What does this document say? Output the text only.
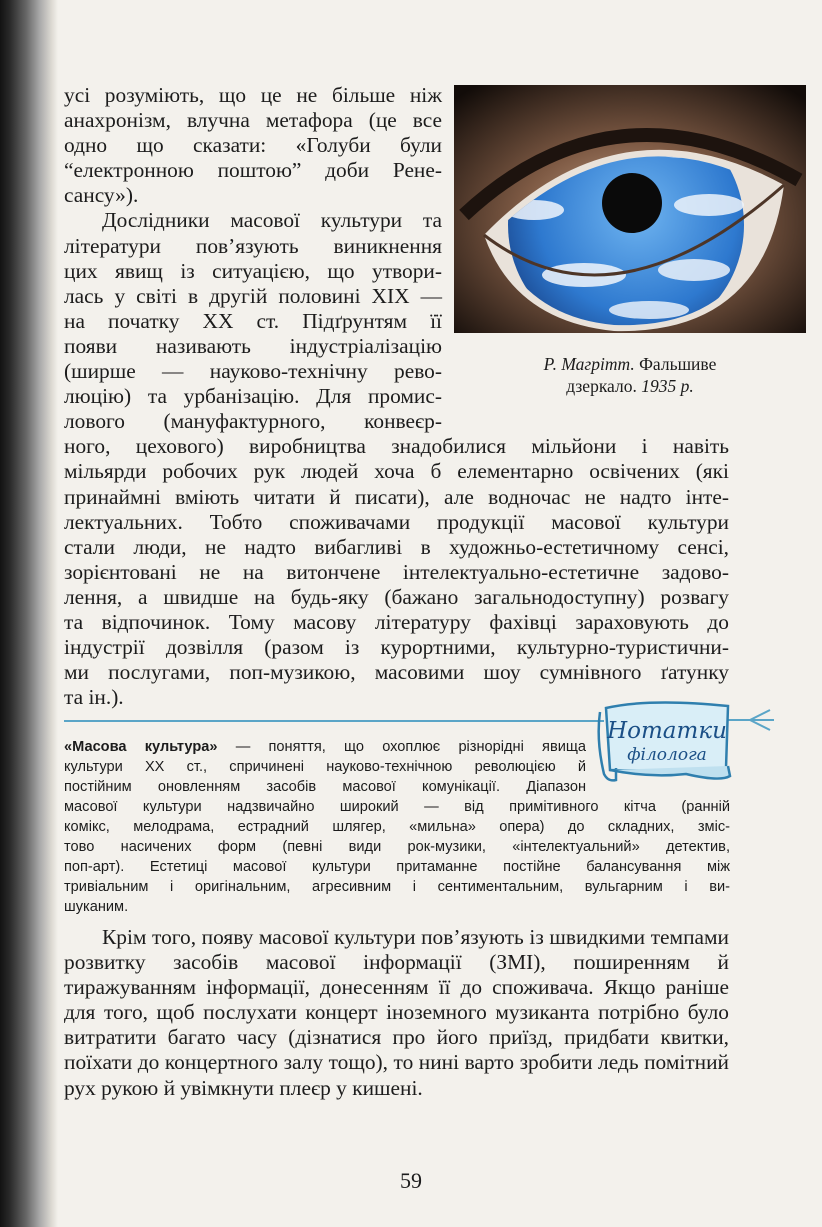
усі розуміють, що це не більше ніж
анахронізм, влучна метафора (це все
одно що сказати: «Голуби були
“електронною поштою” доби Ренe-
сансу»).
Дослідники масової культури та
літератури пов’язують виникнення
цих явищ із ситуацією, що утвори-
лась у світі в другій половині XIX —
на початку XX ст. Підґрунтям її
появи називають індустріалізацію
(ширше — науково-технічну рево-
люцію) та урбанізацію. Для промис-
лового (мануфактурного, конвеєр-
ного, цехового) виробництва знадобилися мільйони і навіть
мільярди робочих рук людей хоча б елементарно освічених (які
принаймні вміють читати й писати), але водночас не надто інте-
лектуальних. Тобто споживачами продукції масової культури
стали люди, не надто вибагливі в художньо-естетичному сенсі,
зорієнтовані не на витончене інтелектуально-естетичне задово-
лення, а швидше на будь-яку (бажано загальнодоступну) розвагу
та відпочинок. Тому масову літературу фахівці зараховують до
індустрії дозвілля (разом із курортними, культурно-туристични-
ми послугами, поп-музикою, масовими шоу сумнівного ґатунку
та ін.).
Р. Магрітт. Фальшиве
дзеркало. 1935 р.
Нотатки
філолога
«Масова культура» — поняття, що охоплює різнорідні явища
культури XX ст., спричинені науково-технічною революцією й
постійним оновленням засобів масової комунікації. Діапазон
масової культури надзвичайно широкий — від примітивного кітча (ранній
комікс, мелодрама, естрадний шлягер, «мильна» опера) до складних, зміс-
тово насичених форм (певні види рок-музики, «інтелектуальний» детектив,
поп-арт). Естетиці масової культури притаманне постійне балансування між
тривіальним і оригінальним, агресивним і сентиментальним, вульгарним і ви-
шуканим.

Крім того, появу масової культури пов’язують із швидкими темпами розвитку засобів масової інформації (ЗМІ), поширенням й тиражуванням інформації, донесенням її до споживача. Якщо раніше для того, щоб послухати концерт іноземного музиканта потрібно було витратити багато часу (дізнатися про його приїзд, придбати квитки, поїхати до концертного залу тощо), то нині варто зробити ледь помітний рух рукою й увімкнути плеєр у кишені.

59
